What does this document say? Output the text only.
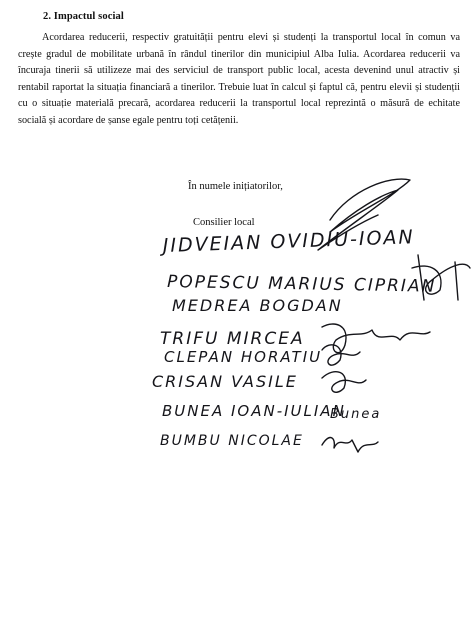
2. Impactul social

Acordarea reducerii, respectiv gratuității pentru elevi și studenți la transportul local în comun va crește gradul de mobilitate urbană în rândul tinerilor din municipiul Alba Iulia. Acordarea reducerii va încuraja tinerii să utilizeze mai des serviciul de transport public local, acesta devenind unul atractiv și rentabil raportat la situația financiară a tinerilor. Trebuie luat în calcul și faptul că, pentru elevii și studenții cu o situație materială precară, acordarea reducerii la transportul local reprezintă o măsură de echitate socială și acordare de șanse egale pentru toți cetățenii.

În numele inițiatorilor,
Consilier local
JIDVEIAN OVIDIU-IOAN
POPESCU MARIUS CIPRIAN
MEDREA BOGDAN
TRIFU MIRCEA
CLEPAN HORATIU
CRISAN VASILE
BUNEA IOAN-IULIAN
BUMBU NICOLAE
Bunea
